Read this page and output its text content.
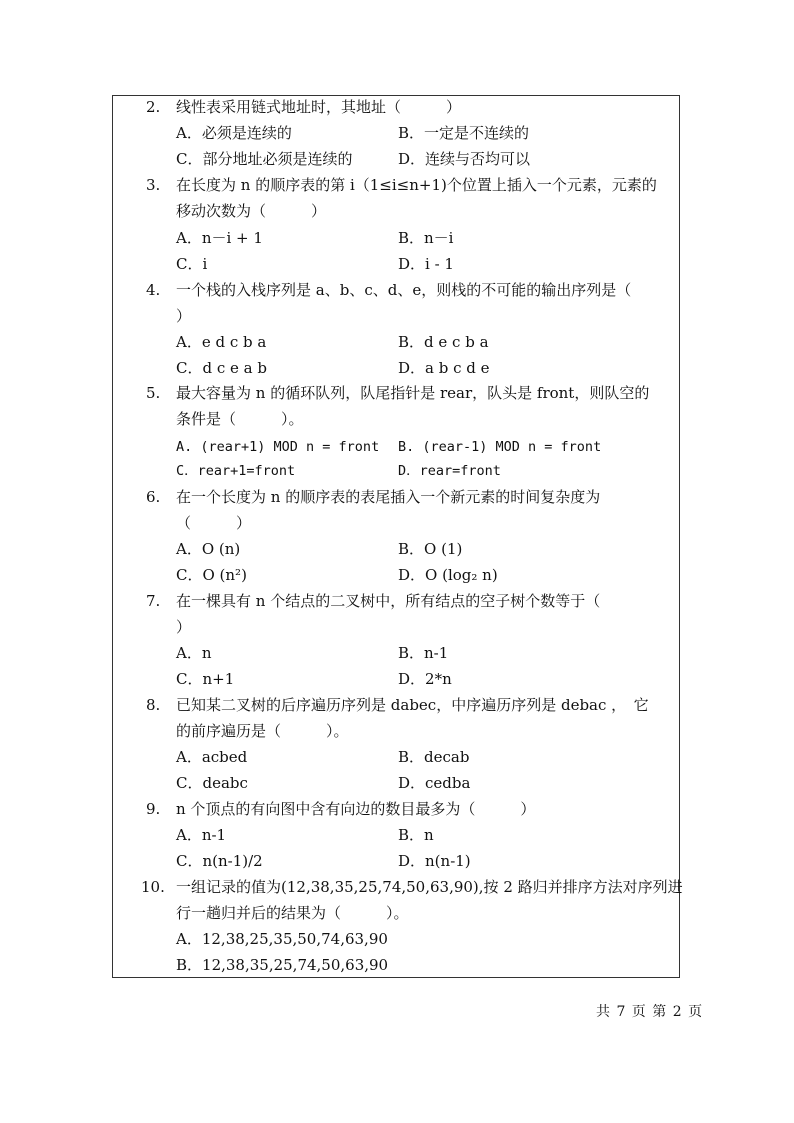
2. 线性表采用链式地址时，其地址（　　　）
A．必须是连续的	B．一定是不连续的
C．部分地址必须是连续的	D．连续与否均可以
3. 在长度为 n 的顺序表的第 i（1≤i≤n+1)个位置上插入一个元素，元素的
移动次数为（　　　）
A．n－i + 1	B．n－i
C．i	D．i - 1
4. 一个栈的入栈序列是 a、b、c、d、e，则栈的不可能的输出序列是（
）
A．e d c b a	B．d e c b a
C．d c e a b	D．a b c d e
5. 最大容量为 n 的循环队列，队尾指针是 rear，队头是 front，则队空的
条件是（　　　）。
A. (rear+1) MOD n = front B. (rear-1) MOD n = front
C．rear+1=front	D．rear=front
6. 在一个长度为 n 的顺序表的表尾插入一个新元素的时间复杂度为
（　　　）
A．O (n)	B．O (1)
C．O (n²)	D．O (log₂ n)
7. 在一棵具有 n 个结点的二叉树中，所有结点的空子树个数等于（
）
A．n	B．n-1
C．n+1	D．2*n
8. 已知某二叉树的后序遍历序列是 dabec，中序遍历序列是 debac ，　它
的前序遍历是（　　　）。
A．acbed	B．decab
C．deabc	D．cedba
9. n 个顶点的有向图中含有向边的数目最多为（　　　）
A．n-1	B．n
C．n(n-1)/2	D．n(n-1)
10. 一组记录的值为(12,38,35,25,74,50,63,90),按 2 路归并排序方法对序列进
行一趟归并后的结果为（　　　）。
A．12,38,25,35,50,74,63,90
B．12,38,35,25,74,50,63,90
共 7 页 第 2 页
